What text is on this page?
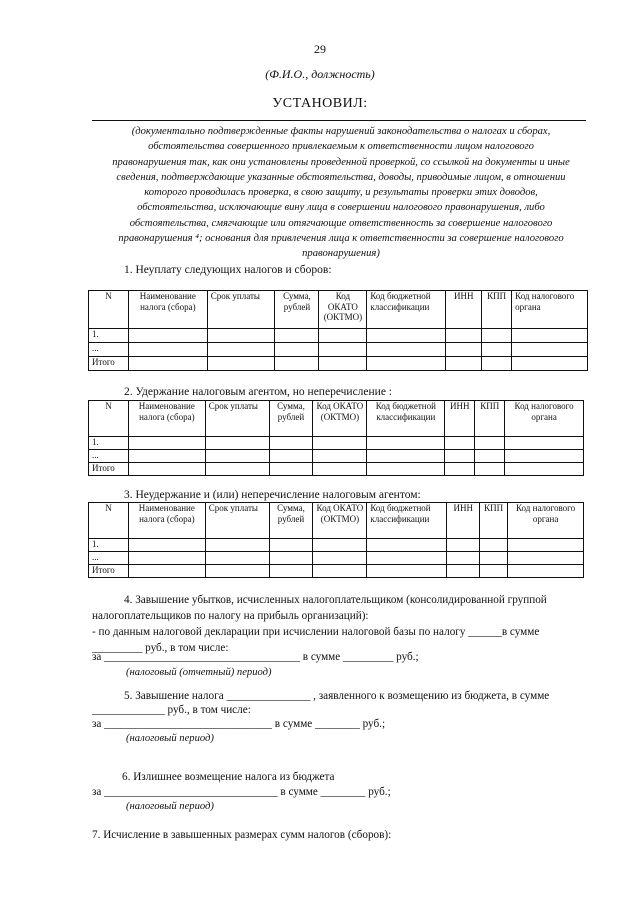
29
(Ф.И.О., должность)
УСТАНОВИЛ:
(документально подтвержденные факты нарушений законодательства о налогах и сборах,
обстоятельства совершенного привлекаемым к ответственности лицом налогового
правонарушения так, как они установлены проведенной проверкой, со ссылкой на документы и иные
сведения, подтверждающие указанные обстоятельства, доводы, приводимые лицом, в отношении
которого проводилась проверка, в свою защиту, и результаты проверки этих доводов,
обстоятельства, исключающие вину лица в совершении налогового правонарушения, либо
обстоятельства, смягчающие или отягчающие ответственность за совершение налогового
правонарушения ⁴; основания для привлечения лица к ответственности за совершение налогового
правонарушения)
1. Неуплату следующих налогов и сборов:
N	Наименование налога (сбора)	Срок уплаты	Сумма, рублей	Код ОКАТО (ОКТМО)	Код бюджетной классификации	ИНН	КПП	Код налогового органа
1.								
...								
Итого								
2. Удержание налоговым агентом, но неперечисление :
N	Наименование налога (сбора)	Срок уплаты	Сумма, рублей	Код ОКАТО (ОКТМО)	Код бюджетной классификации	ИНН	КПП	Код налогового органа
1.								
...								
Итого								
3. Неудержание и (или) неперечисление налоговым агентом:
N	Наименование налога (сбора)	Срок уплаты	Сумма, рублей	Код ОКАТО (ОКТМО)	Код бюджетной классификации	ИНН	КПП	Код налогового органа
1.								
...								
Итого								
4. Завышение убытков, исчисленных налогоплательщиком (консолидированной группой
налогоплательщиков по налогу на прибыль организаций):
- по данным налоговой декларации при исчислении налоговой базы по налогу ______в сумме
_________ руб., в том числе:
за ___________________________________ в сумме _________ руб.;
(налоговый (отчетный) период)
5. Завышение налога _______________ , заявленного к возмещению из бюджета, в сумме
_____________ руб., в том числе:
за ______________________________ в сумме ________ руб.;
(налоговый период)
6. Излишнее возмещение налога из бюджета
за _______________________________ в сумме ________ руб.;
(налоговый период)
7. Исчисление в завышенных размерах сумм налогов (сборов):
